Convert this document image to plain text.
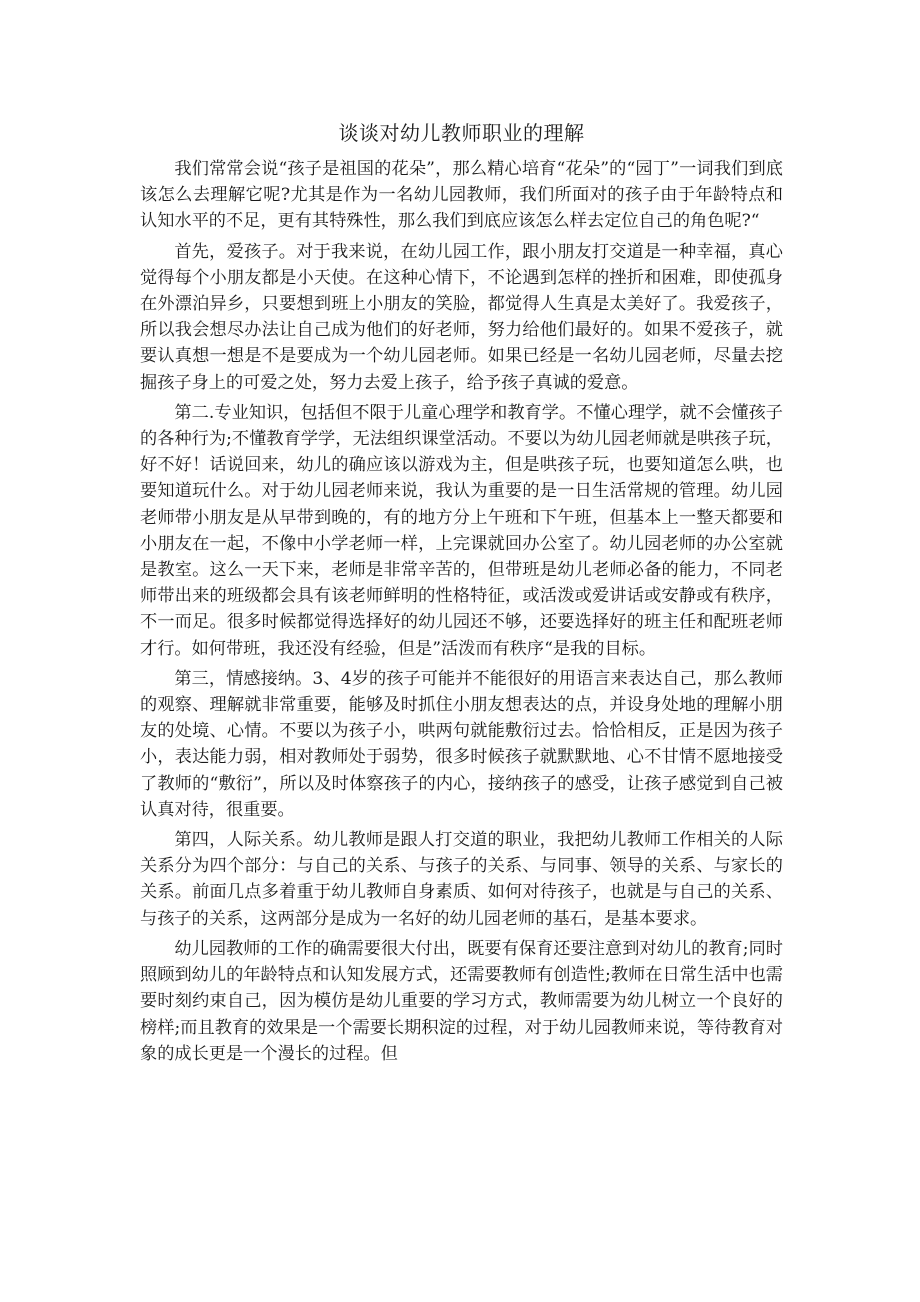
谈谈对幼儿教师职业的理解

我们常常会说“孩子是祖国的花朵”，那么精心培育“花朵”的“园丁”一词我们到底该怎么去理解它呢?尤其是作为一名幼儿园教师，我们所面对的孩子由于年龄特点和认知水平的不足，更有其特殊性，那么我们到底应该怎么样去定位自己的角色呢?“

首先，爱孩子。对于我来说，在幼儿园工作，跟小朋友打交道是一种幸福，真心觉得每个小朋友都是小天使。在这种心情下，不论遇到怎样的挫折和困难，即使孤身在外漂泊异乡，只要想到班上小朋友的笑脸，都觉得人生真是太美好了。我爱孩子，所以我会想尽办法让自己成为他们的好老师，努力给他们最好的。如果不爱孩子，就要认真想一想是不是要成为一个幼儿园老师。如果已经是一名幼儿园老师，尽量去挖掘孩子身上的可爱之处，努力去爱上孩子，给予孩子真诚的爱意。

第二.专业知识，包括但不限于儿童心理学和教育学。不懂心理学，就不会懂孩子的各种行为;不懂教育学学，无法组织课堂活动。不要以为幼儿园老师就是哄孩子玩，好不好！话说回来，幼儿的确应该以游戏为主，但是哄孩子玩，也要知道怎么哄，也要知道玩什么。对于幼儿园老师来说，我认为重要的是一日生活常规的管理。幼儿园老师带小朋友是从早带到晚的，有的地方分上午班和下午班，但基本上一整天都要和小朋友在一起，不像中小学老师一样，上完课就回办公室了。幼儿园老师的办公室就是教室。这么一天下来，老师是非常辛苦的，但带班是幼儿老师必备的能力，不同老师带出来的班级都会具有该老师鲜明的性格特征，或活泼或爱讲话或安静或有秩序，不一而足。很多时候都觉得选择好的幼儿园还不够，还要选择好的班主任和配班老师才行。如何带班，我还没有经验，但是”活泼而有秩序“是我的目标。

第三，情感接纳。3、4岁的孩子可能并不能很好的用语言来表达自己，那么教师的观察、理解就非常重要，能够及时抓住小朋友想表达的点，并设身处地的理解小朋友的处境、心情。不要以为孩子小，哄两句就能敷衍过去。恰恰相反，正是因为孩子小，表达能力弱，相对教师处于弱势，很多时候孩子就默默地、心不甘情不愿地接受了教师的“敷衍”，所以及时体察孩子的内心，接纳孩子的感受，让孩子感觉到自己被认真对待，很重要。

第四，人际关系。幼儿教师是跟人打交道的职业，我把幼儿教师工作相关的人际关系分为四个部分：与自己的关系、与孩子的关系、与同事、领导的关系、与家长的关系。前面几点多着重于幼儿教师自身素质、如何对待孩子，也就是与自己的关系、与孩子的关系，这两部分是成为一名好的幼儿园老师的基石，是基本要求。

幼儿园教师的工作的确需要很大付出，既要有保育还要注意到对幼儿的教育;同时照顾到幼儿的年龄特点和认知发展方式，还需要教师有创造性;教师在日常生活中也需要时刻约束自己，因为模仿是幼儿重要的学习方式，教师需要为幼儿树立一个良好的榜样;而且教育的效果是一个需要长期积淀的过程，对于幼儿园教师来说，等待教育对象的成长更是一个漫长的过程。但
